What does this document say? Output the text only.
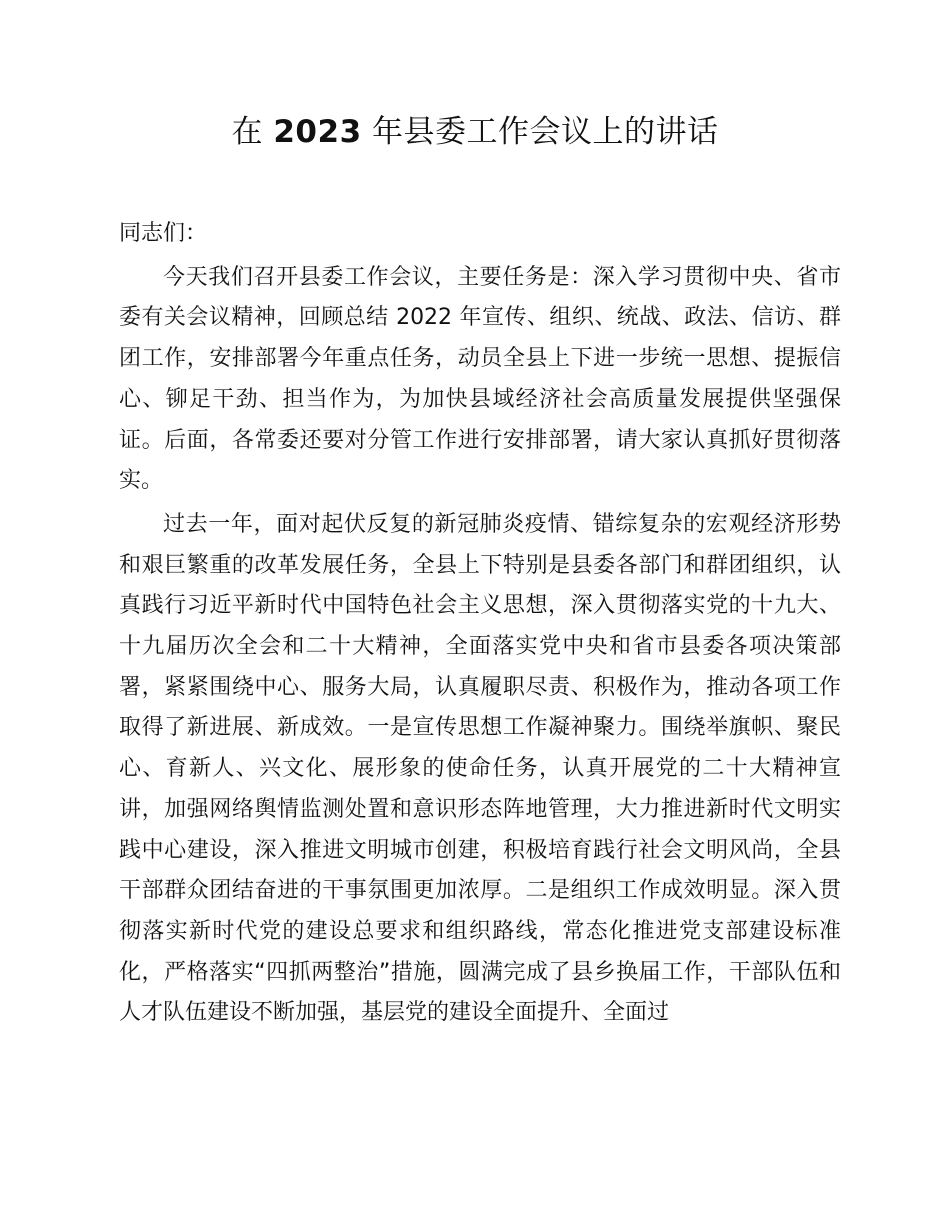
在 2023 年县委工作会议上的讲话

同志们：

今天我们召开县委工作会议，主要任务是：深入学习贯彻中央、省市委有关会议精神，回顾总结 2022 年宣传、组织、统战、政法、信访、群团工作，安排部署今年重点任务，动员全县上下进一步统一思想、提振信心、铆足干劲、担当作为，为加快县域经济社会高质量发展提供坚强保证。后面，各常委还要对分管工作进行安排部署，请大家认真抓好贯彻落实。

过去一年，面对起伏反复的新冠肺炎疫情、错综复杂的宏观经济形势和艰巨繁重的改革发展任务，全县上下特别是县委各部门和群团组织，认真践行习近平新时代中国特色社会主义思想，深入贯彻落实党的十九大、十九届历次全会和二十大精神，全面落实党中央和省市县委各项决策部署，紧紧围绕中心、服务大局，认真履职尽责、积极作为，推动各项工作取得了新进展、新成效。一是宣传思想工作凝神聚力。围绕举旗帜、聚民心、育新人、兴文化、展形象的使命任务，认真开展党的二十大精神宣讲，加强网络舆情监测处置和意识形态阵地管理，大力推进新时代文明实践中心建设，深入推进文明城市创建，积极培育践行社会文明风尚，全县干部群众团结奋进的干事氛围更加浓厚。二是组织工作成效明显。深入贯彻落实新时代党的建设总要求和组织路线，常态化推进党支部建设标准化，严格落实“四抓两整治”措施，圆满完成了县乡换届工作，干部队伍和人才队伍建设不断加强，基层党的建设全面提升、全面过
